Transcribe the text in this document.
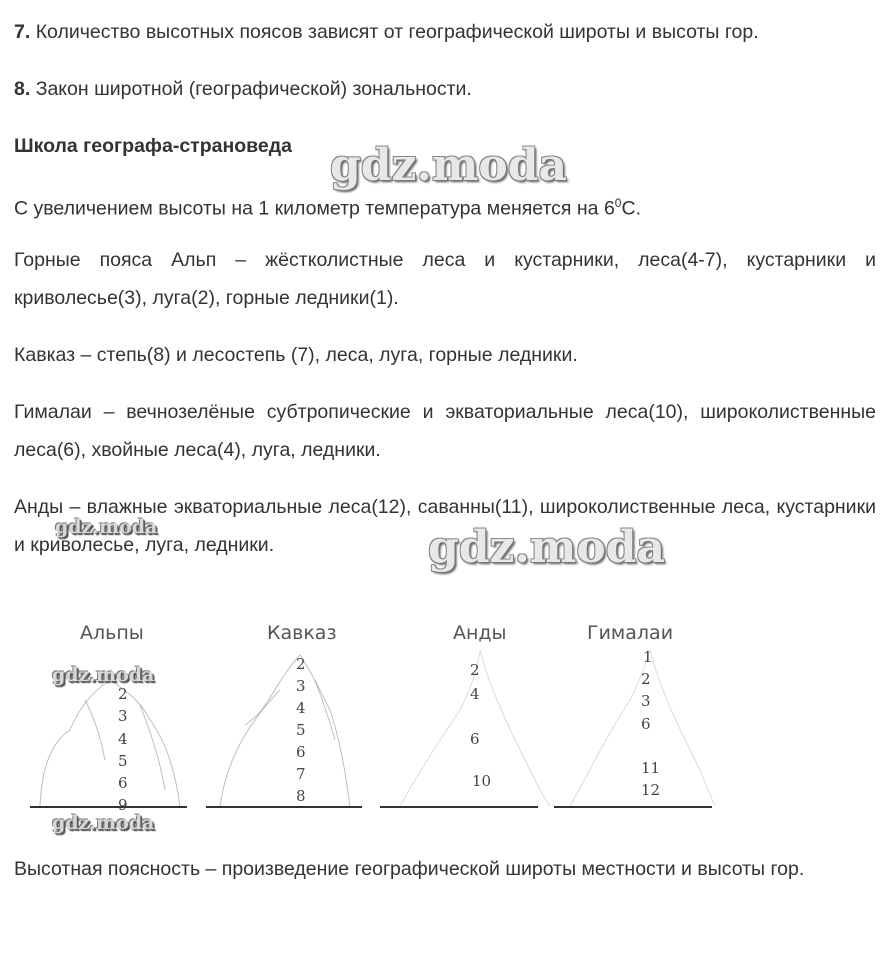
7. Количество высотных поясов зависят от географической широты и высоты гор.

8. Закон широтной (географической) зональности.

Школа географа-страноведа

С увеличением высоты на 1 километр температура меняется на $6^0С$.

Горные пояса Альп – жёстколистные леса и кустарники, леса(4-7), кустарники и криволесье(3), луга(2), горные ледники(1).

Кавказ – степь(8) и лесостепь (7), леса, луга, горные ледники.

Гималаи – вечнозелёные субтропические и экваториальные леса(10), широколиственные леса(6), хвойные леса(4), луга, ледники.

Анды – влажные экваториальные леса(12), саванны(11), широколиственные леса, кустарники и криволесье, луга, ледники.

Высотная поясность – произведение географической широты местности и высоты гор.

Альпы	Кавказ	Анды	Гималаи
2
3
4
5
6
9
2
3
4
5
6
7
8
2
4
6
10
1
2
3
6
11
12
gdz.moda
gdz.moda
gdz.moda
gdz.moda
gdz.moda
